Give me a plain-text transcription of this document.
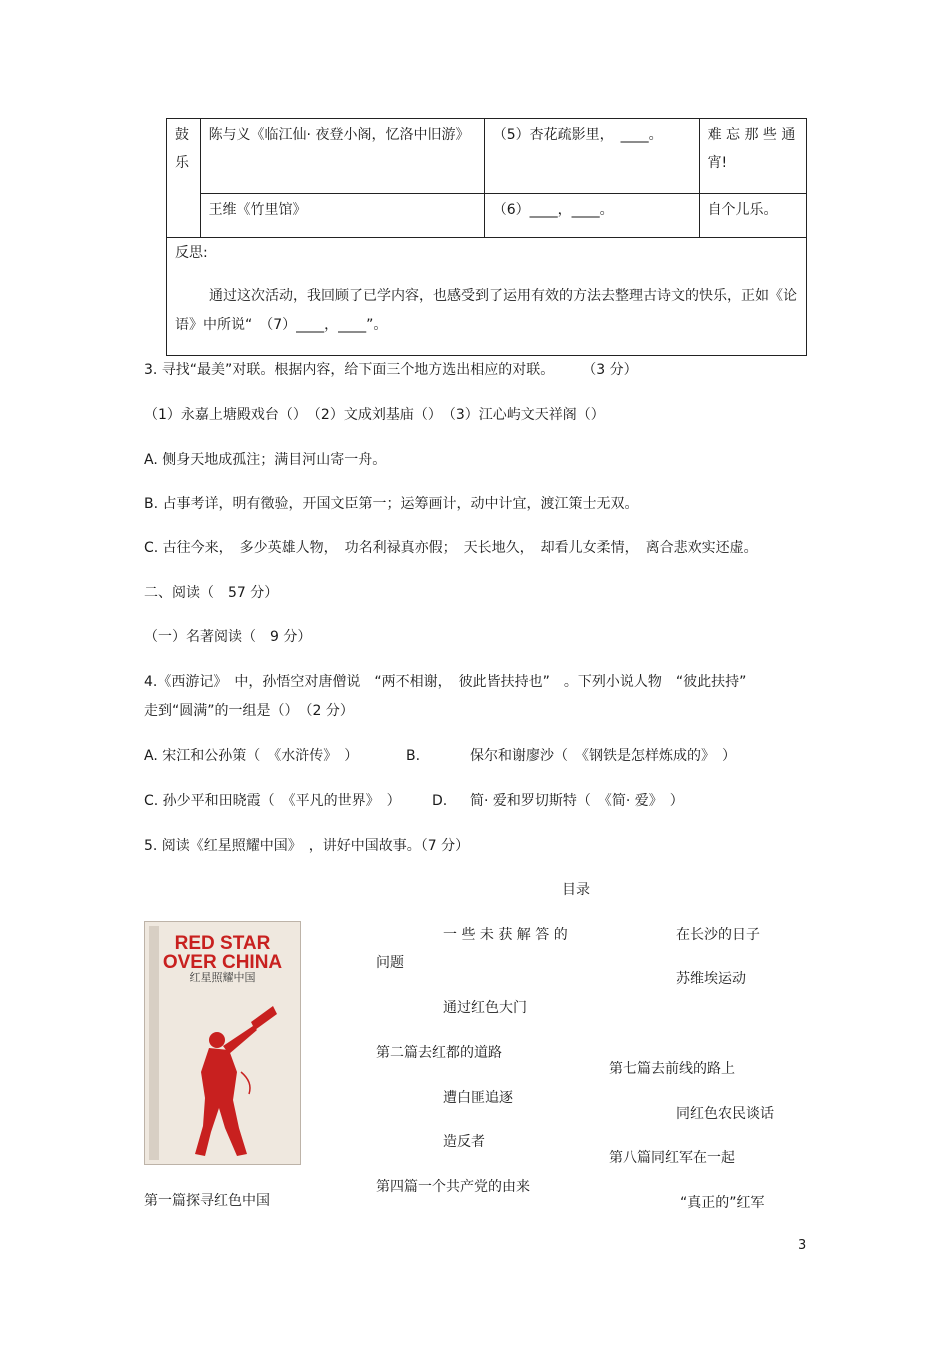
鼓乐	陈与义《临江仙· 夜登小阁，忆洛中旧游》	（5）杏花疏影里，　____。	难 忘 那 些 通 宵!
	王维《竹里馆》	（6）____，____。	自个儿乐。

反思:
通过这次活动，我回顾了已学内容，也感受到了运用有效的方法去整理古诗文的快乐，正如《论语》中所说“　（7）____，____”。			
3. 寻找“最美”对联。根据内容，给下面三个地方选出相应的对联。　　　（3 分）
（1）永嘉上塘殿戏台（）　（2）文成刘基庙（）　（3）江心屿文天祥阁（）
A. 侧身天地成孤注；满目河山寄一舟。
B. 占事考详，明有徵验，开国文臣第一；运筹画计，动中计宜，渡江策士无双。
C. 古往今来，　多少英雄人物，　功名利禄真亦假；　天长地久，　却看儿女柔情，　离合悲欢实还虚。
二、阅读（　57 分）
（一）名著阅读（　9 分）
4.《西游记》　中，孙悟空对唐僧说　“两不相谢，　彼此皆扶持也”　。下列小说人物　“彼此扶持”
走到“圆满”的一组是（）　（2 分）
A. 宋江和公孙策（　《水浒传》　）	B.	保尔和谢廖沙（　《钢铁是怎样炼成的》　）
C. 孙少平和田晓霞（　《平凡的世界》　） D. 简· 爱和罗切斯特（　《简· 爱》　）
5. 阅读《红星照耀中国》　，讲好中国故事。（7 分）
目录
RED STAR
OVER CHINA
红星照耀中国
一 些 未 获 解 答 的
问题
通过红色大门
第二篇去红都的道路
遭白匪追逐
造反者
第四篇一个共产党的由来
在长沙的日子
苏维埃运动
第七篇去前线的路上
同红色农民谈话
第八篇同红军在一起
“真正的”红军
第一篇探寻红色中国
3
